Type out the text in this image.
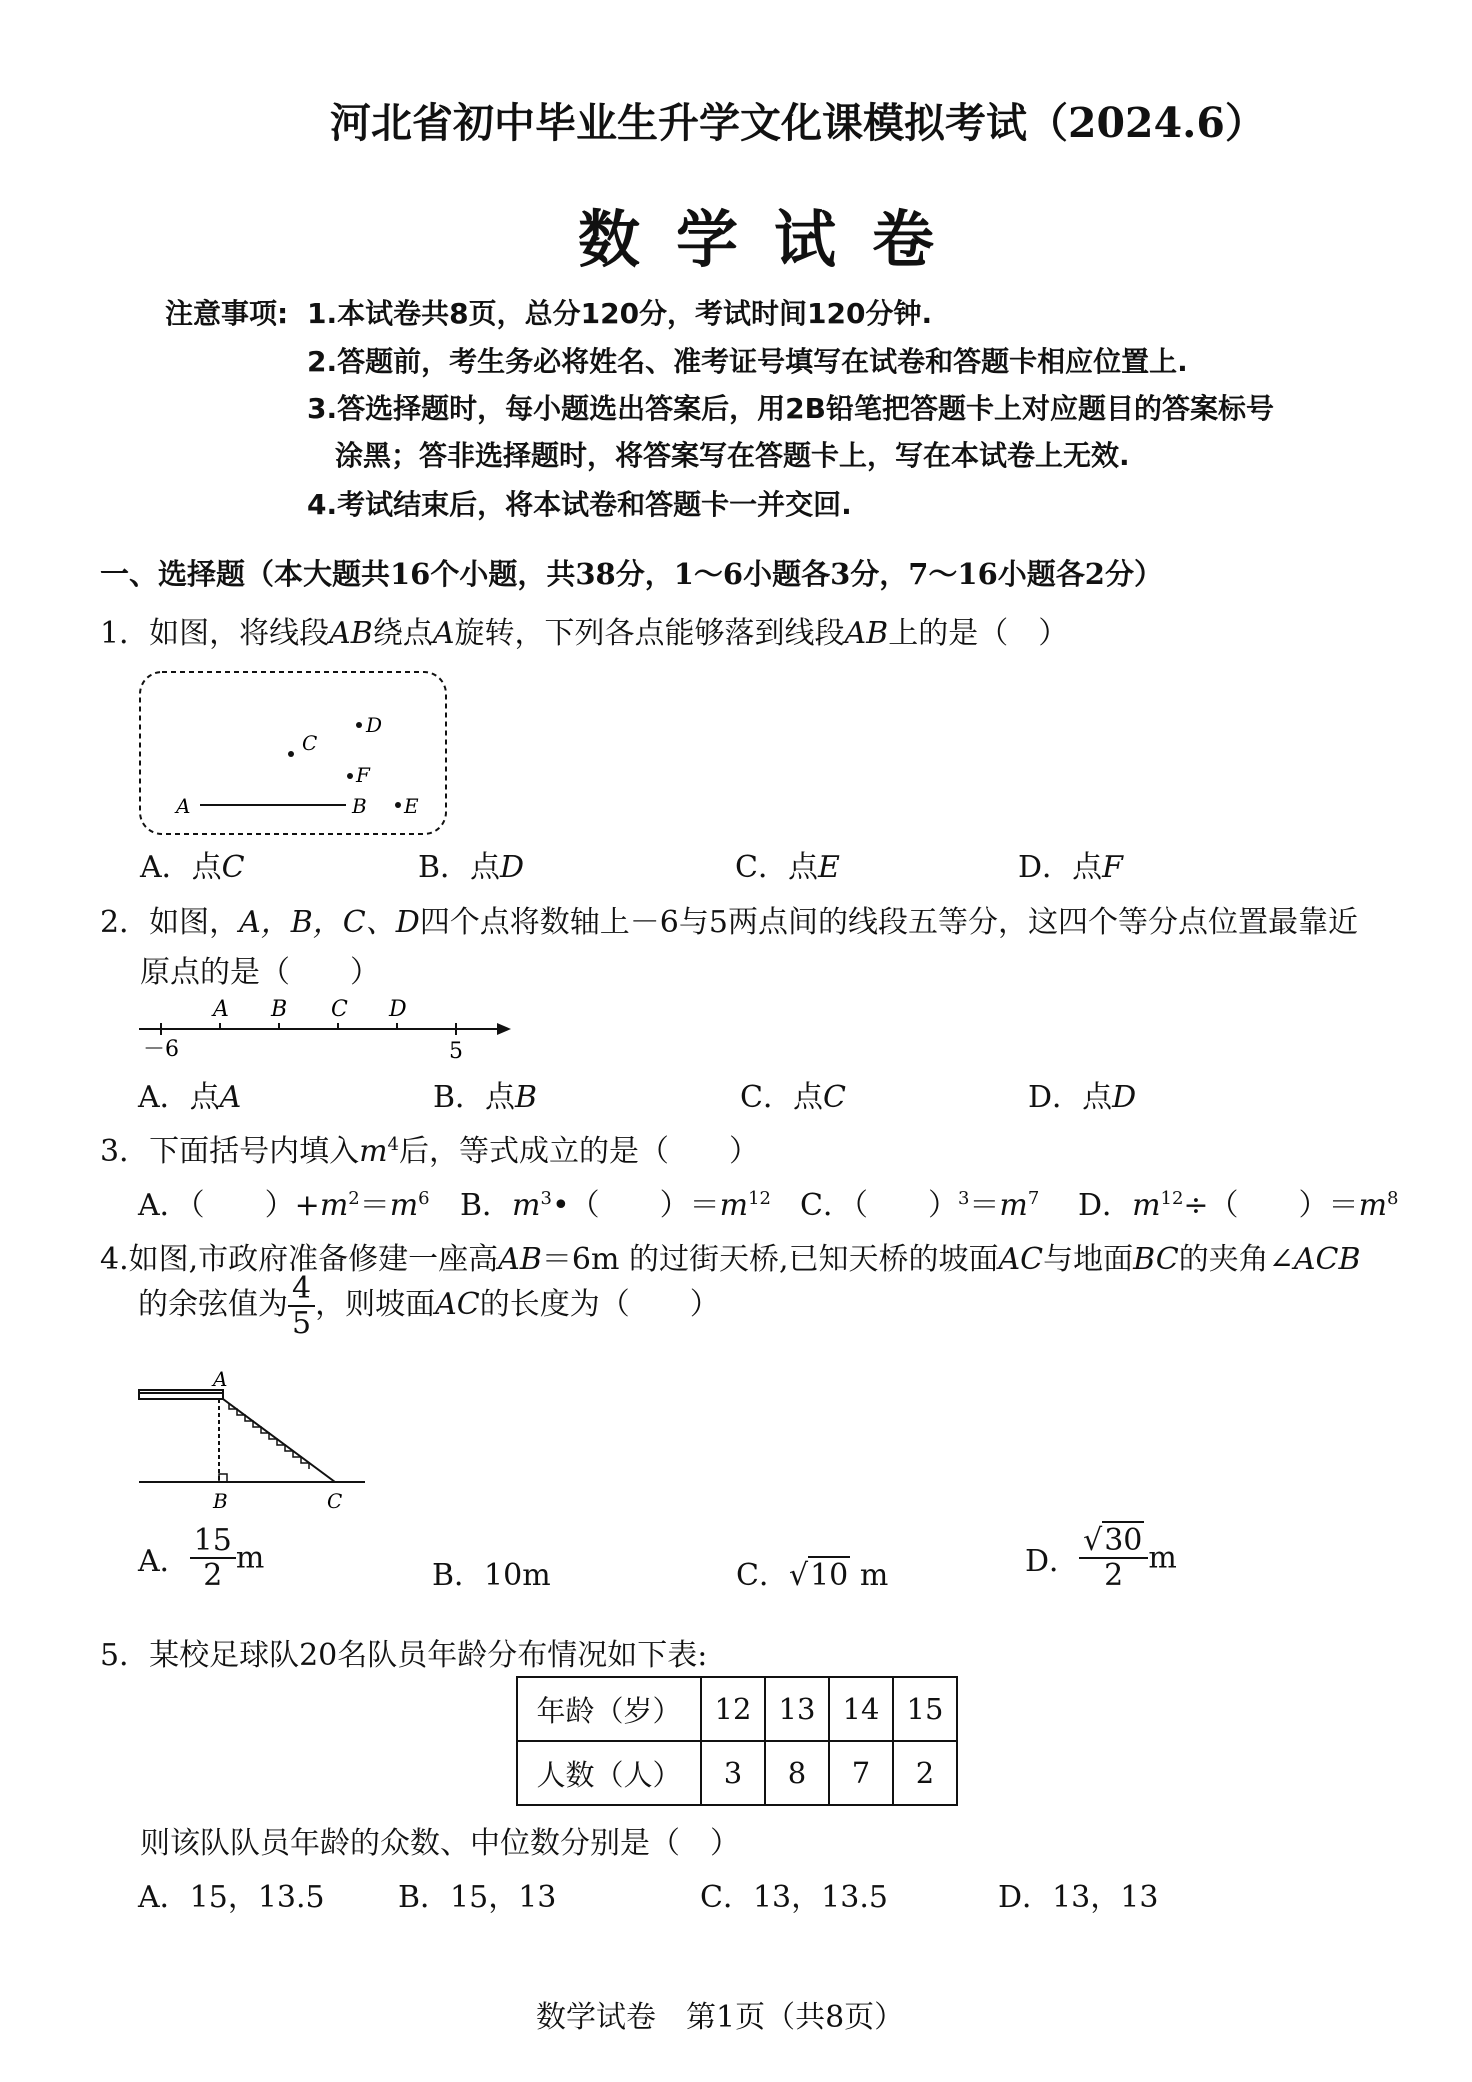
河北省初中毕业生升学文化课模拟考试（2024.6）
数学试卷
注意事项: 1.本试卷共8页，总分120分，考试时间120分钟.
2.答题前，考生务必将姓名、准考证号填写在试卷和答题卡相应位置上.
3.答选择题时，每小题选出答案后，用2B铅笔把答题卡上对应题目的答案标号
涂黑；答非选择题时，将答案写在答题卡上，写在本试卷上无效.
4.考试结束后，将本试卷和答题卡一并交回.
一、选择题（本大题共16个小题，共38分，1～6小题各3分，7～16小题各2分）
1．如图，将线段AB绕点A旋转，下列各点能够落到线段AB上的是（　）
A	B
C
D
F
E
A．点C	B．点D	C．点E	D．点F
2．如图，A，B，C、D四个点将数轴上－6与5两点间的线段五等分，这四个等分点位置最靠近
原点的是（　　）
A B C D
－6	5
A．点A	B．点B	C．点C	D．点D
3．下面括号内填入$m^4$后，等式成立的是（　　）
A．（　　）$+m^2=m^6$ B．$m^3•$（　　）$=m^{12}$ C．（　　）$^3=m^7$ D．$m^{12}\div$（　　）$=m^8$
4.如图,市政府准备修建一座高AB＝6m 的过街天桥,已知天桥的坡面AC与地面BC的夹角∠ACB
的余弦值为 $\frac{4}{5}$ ，则坡面AC的长度为（　　）
A
B	C
A． $\frac{15}{2}$ m	B．10m	C．√10 m	D． $\frac{√30}{2}$ m
5．某校足球队20名队员年龄分布情况如下表:
年龄（岁）	12	13	14	15
人数（人）	3	8	7	2
则该队队员年龄的众数、中位数分别是（　）
A．15，13.5 B．15，13	C．13，13.5	D．13，13
数学试卷　第1页（共8页）
